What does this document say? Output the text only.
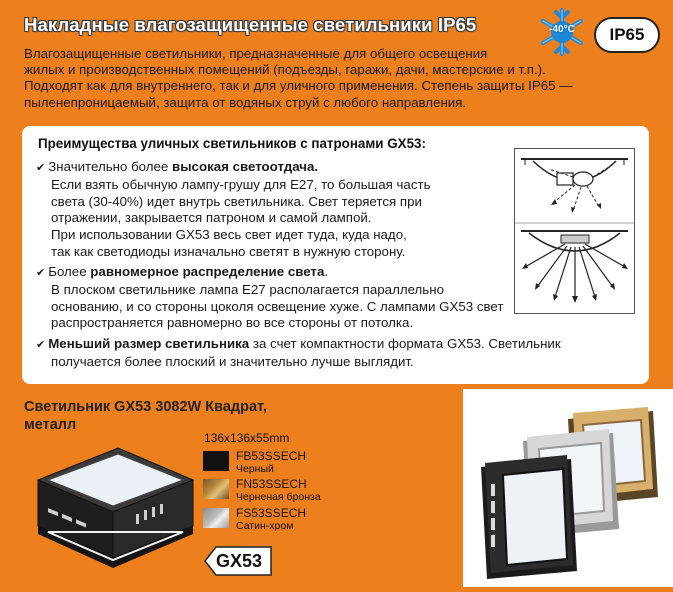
Накладные влагозащищенные светильники IP65	-40°C	IP65
Влагозащищенные светильники, предназначенные для общего освещения
жилых и производственных помещений (подъезды, гаражи, дачи, мастерские и т.п.).
Подходят как для внутреннего, так и для уличного применения. Степень защиты IP65 —
пыленепроницаемый, защита от водяных струй с любого направления.
Преимущества уличных светильников с патронами GX53:
✔ Значительно более высокая светоотдача.
Если взять обычную лампу-грушу для E27, то большая часть
света (30-40%) идет внутрь светильника. Свет теряется при
отражении, закрывается патроном и самой лампой.
При использовании GX53 весь свет идет туда, куда надо,
так как светодиоды изначально светят в нужную сторону.
✔ Более равномерное распределение света.
В плоском светильнике лампа E27 располагается параллельно
основанию, и со стороны цоколя освещение хуже. С лампами GX53 свет
распространяется равномерно во все стороны от потолка.
✔ Меньший размер светильника за счет компактности формата GX53. Светильник
получается более плоский и значительно лучше выглядит.
Светильник GX53 3082W Квадрат,
металл
136x136x55mm
FB53SSECH
Черный
FN53SSECH
Черненая бронза
FS53SSECH
Сатин-хром
GX53
